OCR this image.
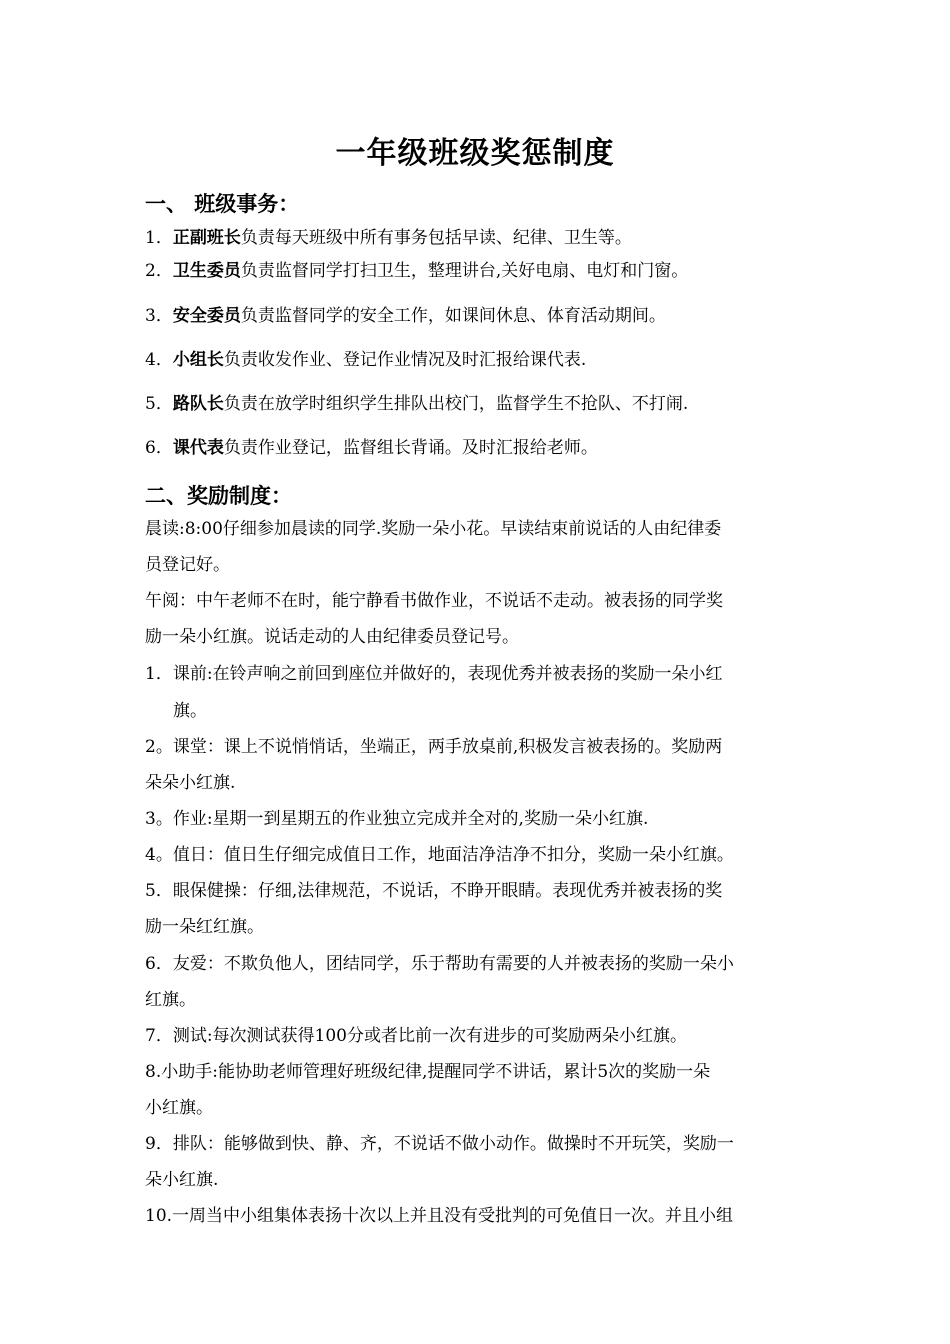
一年级班级奖惩制度
一、 班级事务：
1．正副班长负责每天班级中所有事务包括早读、纪律、卫生等。
2．卫生委员负责监督同学打扫卫生，整理讲台,关好电扇、电灯和门窗。
3．安全委员负责监督同学的安全工作，如课间休息、体育活动期间。
4．小组长负责收发作业、登记作业情况及时汇报给课代表.
5．路队长负责在放学时组织学生排队出校门，监督学生不抢队、不打闹.
6．课代表负责作业登记，监督组长背诵。及时汇报给老师。
二、奖励制度：
晨读:8:00仔细参加晨读的同学.奖励一朵小花。早读结束前说话的人由纪律委
员登记好。
午阅：中午老师不在时，能宁静看书做作业，不说话不走动。被表扬的同学奖
励一朵小红旗。说话走动的人由纪律委员登记号。
1．课前:在铃声响之前回到座位并做好的，表现优秀并被表扬的奖励一朵小红
旗。
2。课堂：课上不说悄悄话，坐端正，两手放桌前,积极发言被表扬的。奖励两
朵朵小红旗.
3。作业:星期一到星期五的作业独立完成并全对的,奖励一朵小红旗.
4。值日：值日生仔细完成值日工作，地面洁净洁净不扣分，奖励一朵小红旗。
5．眼保健操：仔细,法律规范，不说话，不睁开眼睛。表现优秀并被表扬的奖
励一朵红红旗。
6．友爱：不欺负他人，团结同学，乐于帮助有需要的人并被表扬的奖励一朵小
红旗。
7．测试:每次测试获得100分或者比前一次有进步的可奖励两朵小红旗。
8.小助手:能协助老师管理好班级纪律,提醒同学不讲话，累计5次的奖励一朵
小红旗。
9．排队：能够做到快、静、齐，不说话不做小动作。做操时不开玩笑，奖励一
朵小红旗.
10.一周当中小组集体表扬十次以上并且没有受批判的可免值日一次。并且小组
